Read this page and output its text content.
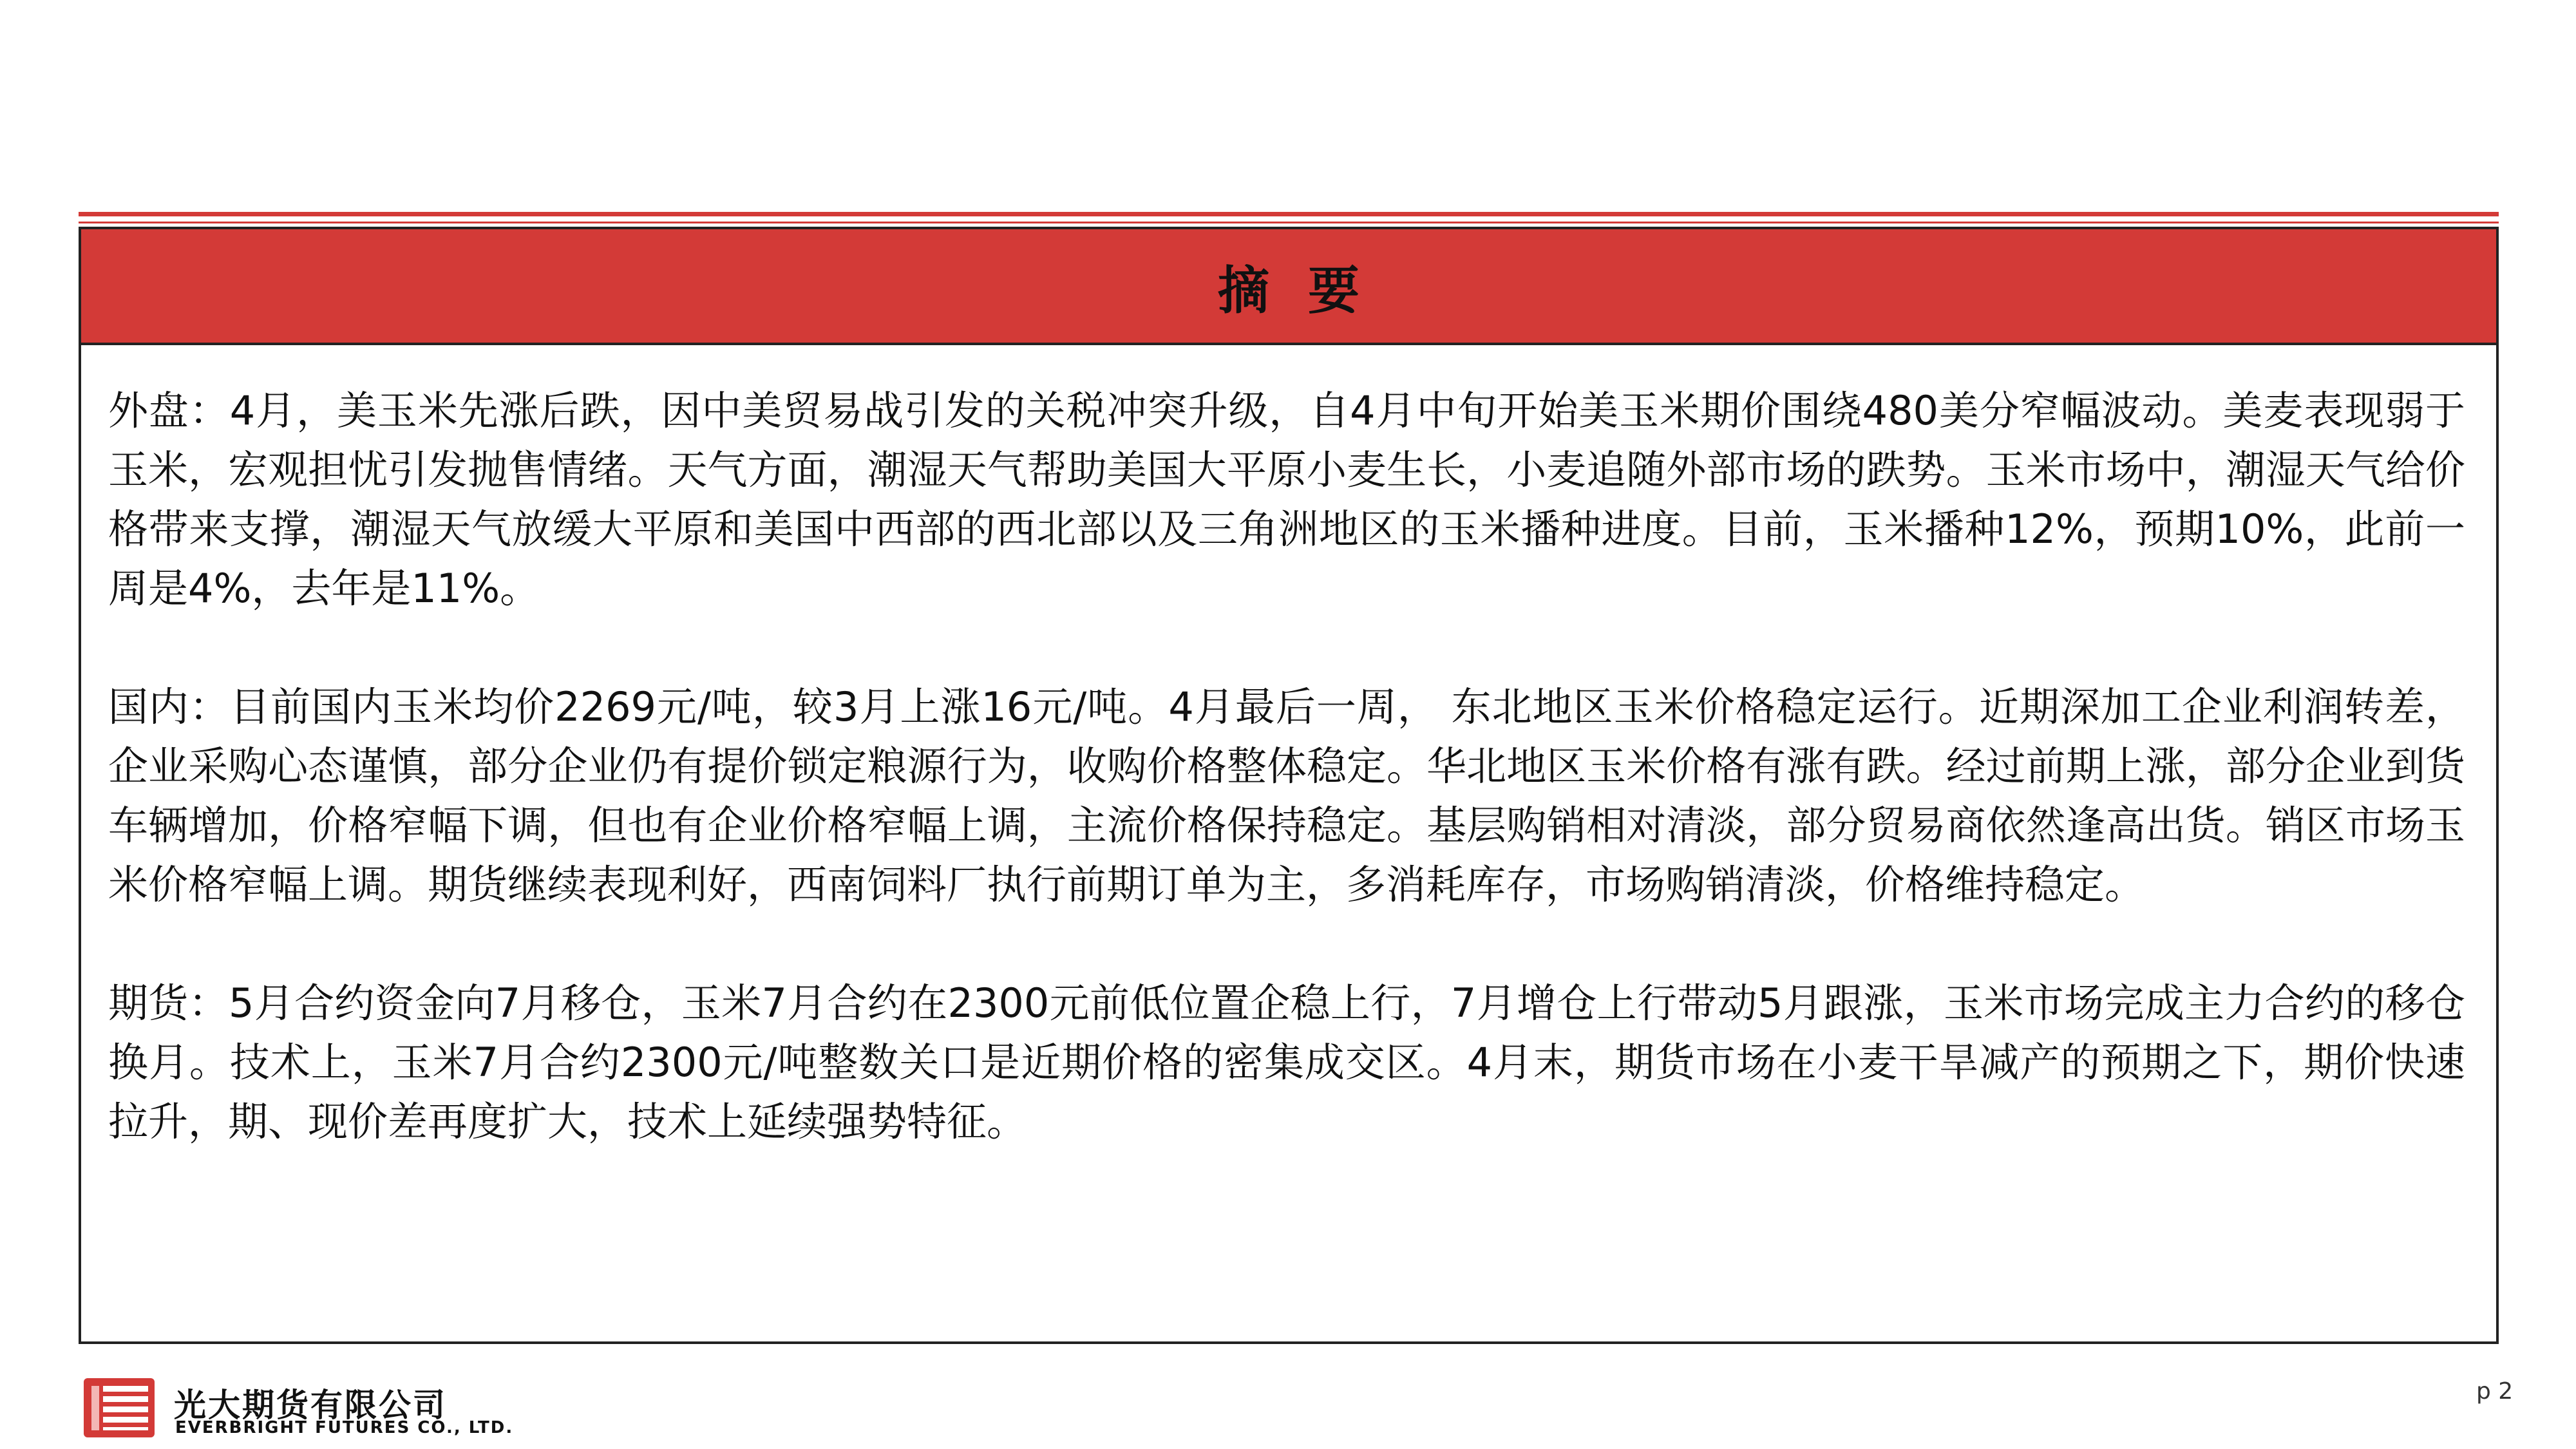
摘要

外盘：4月，美玉米先涨后跌，因中美贸易战引发的关税冲突升级，自4月中旬开始美玉米期价围绕480美分窄幅波动。美麦表现弱于玉米，宏观担忧引发抛售情绪。天气方面，潮湿天气帮助美国大平原小麦生长，小麦追随外部市场的跌势。玉米市场中，潮湿天气给价格带来支撑，潮湿天气放缓大平原和美国中西部的西北部以及三角洲地区的玉米播种进度。目前，玉米播种12%，预期10%，此前一周是4%，去年是11%。

国内：目前国内玉米均价2269元/吨，较3月上涨16元/吨。4月最后一周， 东北地区玉米价格稳定运行。近期深加工企业利润转差，企业采购心态谨慎，部分企业仍有提价锁定粮源行为，收购价格整体稳定。华北地区玉米价格有涨有跌。经过前期上涨，部分企业到货车辆增加，价格窄幅下调，但也有企业价格窄幅上调，主流价格保持稳定。基层购销相对清淡，部分贸易商依然逢高出货。销区市场玉米价格窄幅上调。期货继续表现利好，西南饲料厂执行前期订单为主，多消耗库存，市场购销清淡，价格维持稳定。

期货：5月合约资金向7月移仓，玉米7月合约在2300元前低位置企稳上行，7月增仓上行带动5月跟涨，玉米市场完成主力合约的移仓换月。技术上，玉米7月合约2300元/吨整数关口是近期价格的密集成交区。4月末，期货市场在小麦干旱减产的预期之下，期价快速拉升，期、现价差再度扩大，技术上延续强势特征。

光大期货有限公司
EVERBRIGHT FUTURES CO., LTD.
p 2
